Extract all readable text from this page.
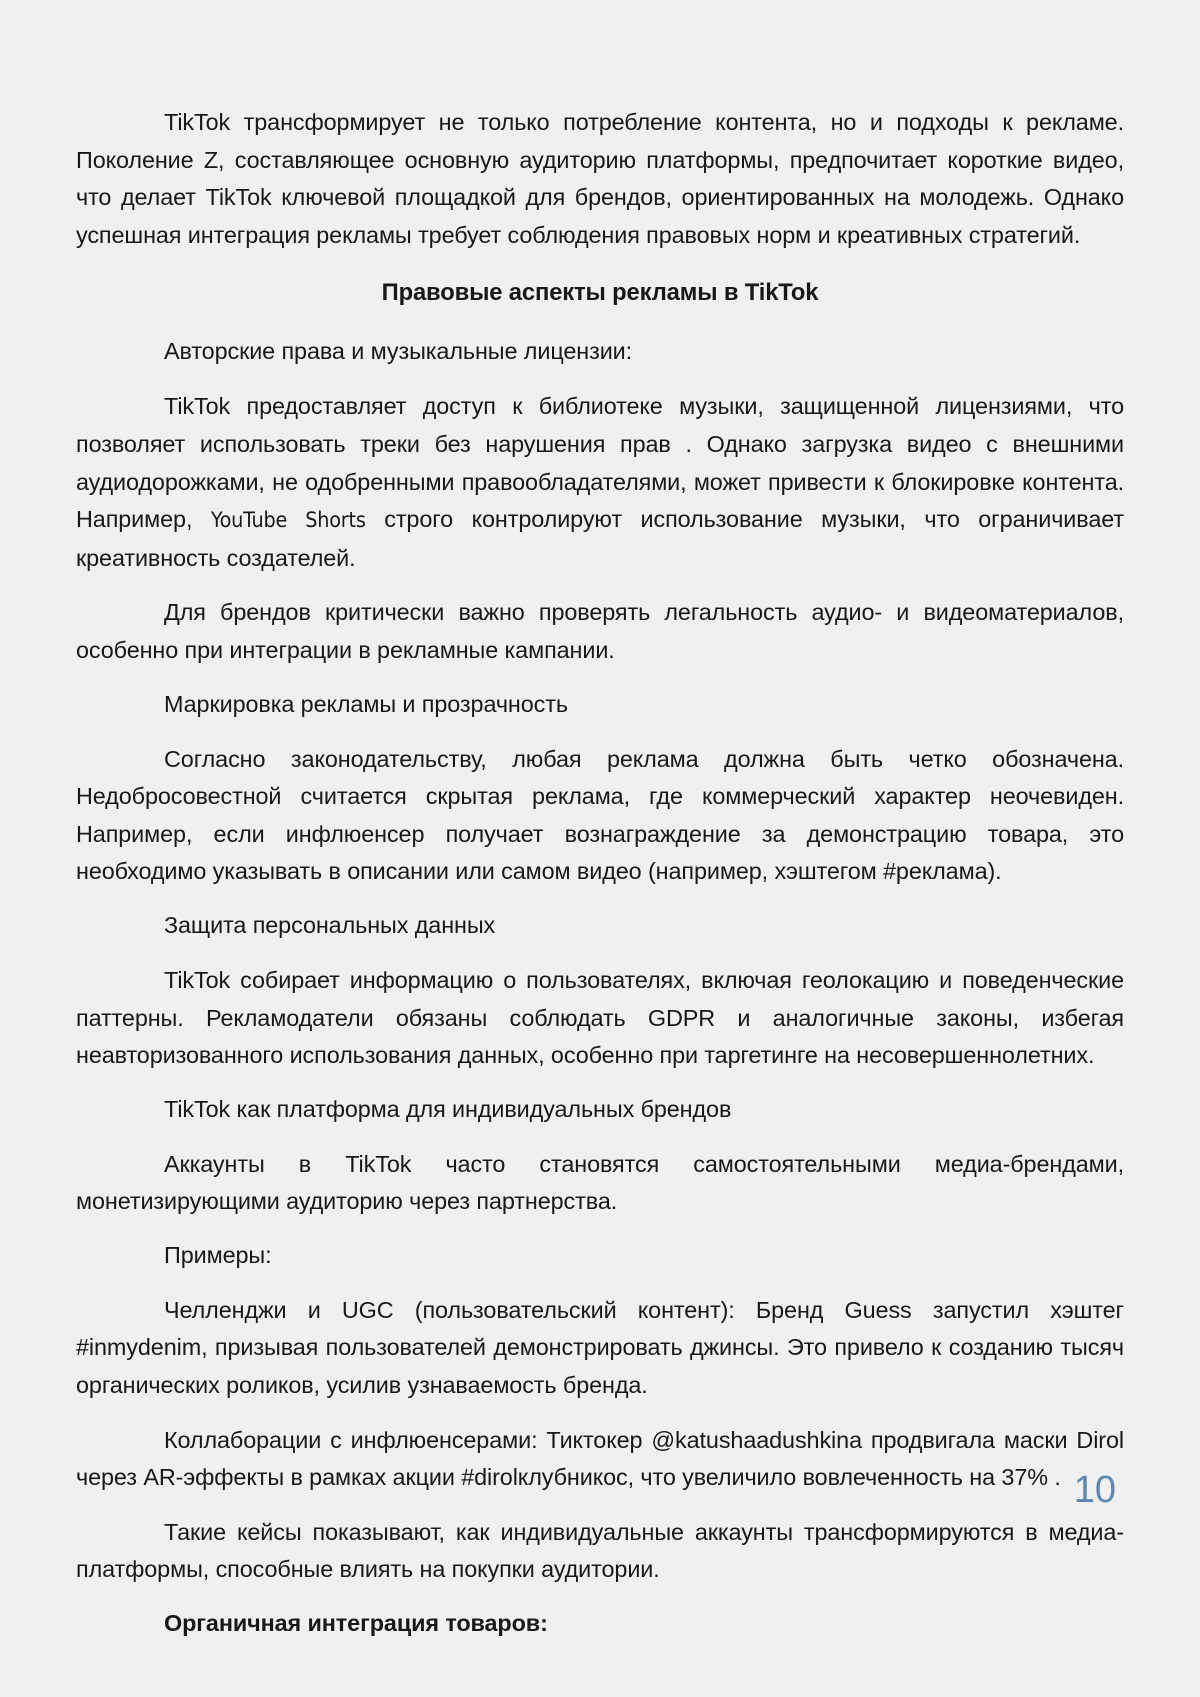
TikTok трансформирует не только потребление контента, но и подходы к рекламе. Поколение Z, составляющее основную аудиторию платформы, предпочитает короткие видео, что делает TikTok ключевой площадкой для брендов, ориентированных на молодежь. Однако успешная интеграция рекламы требует соблюдения правовых норм и креативных стратегий.

Правовые аспекты рекламы в TikTok

Авторские права и музыкальные лицензии:

TikTok предоставляет доступ к библиотеке музыки, защищенной лицензиями, что позволяет использовать треки без нарушения прав . Однако загрузка видео с внешними аудиодорожками, не одобренными правообладателями, может привести к блокировке контента. Например, YouTube Shorts строго контролируют использование музыки, что ограничивает креативность создателей.

Для брендов критически важно проверять легальность аудио- и видеоматериалов, особенно при интеграции в рекламные кампании.

Маркировка рекламы и прозрачность

Согласно законодательству, любая реклама должна быть четко обозначена. Недобросовестной считается скрытая реклама, где коммерческий характер неочевиден. Например, если инфлюенсер получает вознаграждение за демонстрацию товара, это необходимо указывать в описании или самом видео (например, хэштегом #реклама).

Защита персональных данных

TikTok собирает информацию о пользователях, включая геолокацию и поведенческие паттерны. Рекламодатели обязаны соблюдать GDPR и аналогичные законы, избегая неавторизованного использования данных, особенно при таргетинге на несовершеннолетних.

TikTok как платформа для индивидуальных брендов

Аккаунты в TikTok часто становятся самостоятельными медиа-брендами, монетизирующими аудиторию через партнерства.

Примеры:

Челленджи и UGC (пользовательский контент): Бренд Guess запустил хэштег #inmydenim, призывая пользователей демонстрировать джинсы. Это привело к созданию тысяч органических роликов, усилив узнаваемость бренда.

Коллаборации с инфлюенсерами: Тиктокер @katushaadushkina продвигала маски Dirol через AR-эффекты в рамках акции #dirolклубникос, что увеличило вовлеченность на 37% .

Такие кейсы показывают, как индивидуальные аккаунты трансформируются в медиа-платформы, способные влиять на покупки аудитории.

Органичная интеграция товаров:

10
